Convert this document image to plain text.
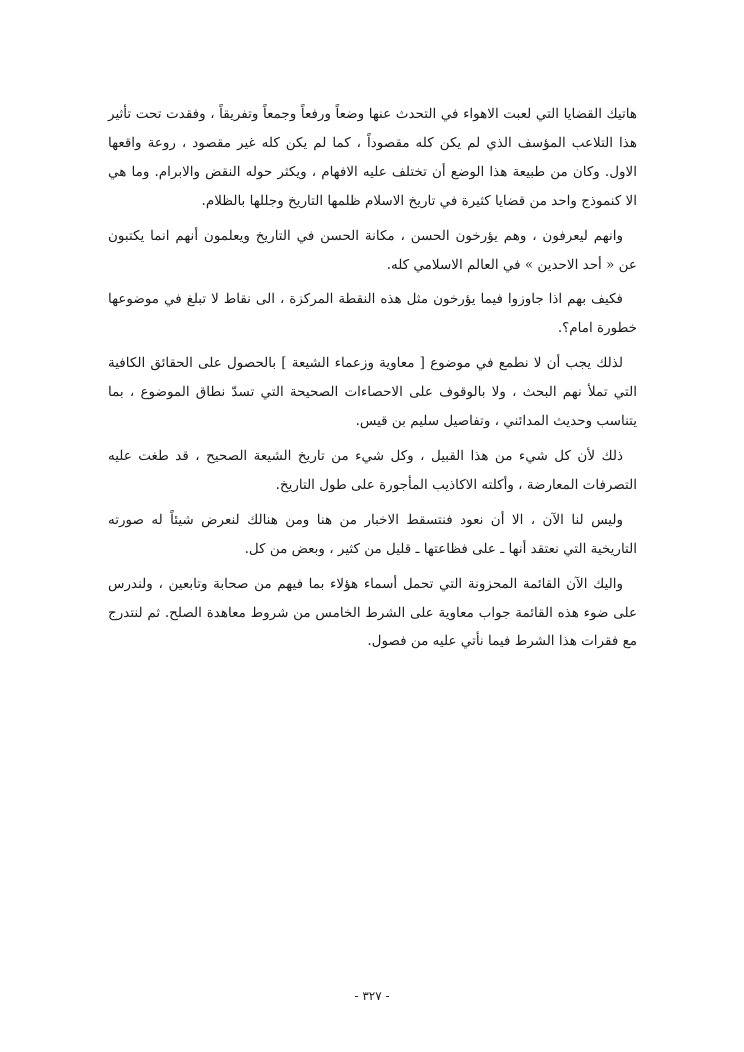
هاتيك القضايا التي لعبت الاهواء في التحدث عنها وضعاً ورفعاً وجمعاً وتفريقاً ، وفقدت تحت تأثير هذا التلاعب المؤسف الذي لم يكن كله مقصوداً ، كما لم يكن كله غير مقصود ، روعة واقعها الاول. وكان من طبيعة هذا الوضع أن تختلف عليه الافهام ، ويكثر حوله النقض والابرام. وما هي الا كنموذج واحد من قضايا كثيرة في تاريخ الاسلام ظلمها التاريخ وجللها بالظلام.

وانهم ليعرفون ، وهم يؤرخون الحسن ، مكانة الحسن في التاريخ ويعلمون أنهم انما يكتبون عن « أحد الاحدين » في العالم الاسلامي كله.

فكيف بهم اذا جاوزوا فيما يؤرخون مثل هذه النقطة المركزة ، الى نقاط لا تبلغ في موضوعها خطورة امام؟.

لذلك يجب أن لا نطمع في موضوع [ معاوية وزعماء الشيعة ] بالحصول على الحقائق الكافية التي تملأ نهم البحث ، ولا بالوقوف على الاحصاءات الصحيحة التي تسدّ نطاق الموضوع ، بما يتناسب وحديث المدائني ، وتفاصيل سليم بن قيس.

ذلك لأن كل شيء من هذا القبيل ، وكل شيء من تاريخ الشيعة الصحيح ، قد طغت عليه التصرفات المعارضة ، وأكلته الاكاذيب المأجورة على طول التاريخ.

وليس لنا الآن ، الا أن نعود فنتسقط الاخبار من هنا ومن هنالك لنعرض شيئاً له صورته التاريخية التي نعتقد أنها ـ على فظاعتها ـ قليل من كثير ، وبعض من كل.

واليك الآن القائمة المحزونة التي تحمل أسماء هؤلاء بما فيهم من صحابة وتابعين ، ولندرس على ضوء هذه القائمة جواب معاوية على الشرط الخامس من شروط معاهدة الصلح. ثم لنتدرج مع فقرات هذا الشرط فيما نأتي عليه من فصول.

- ٣٢٧ -
